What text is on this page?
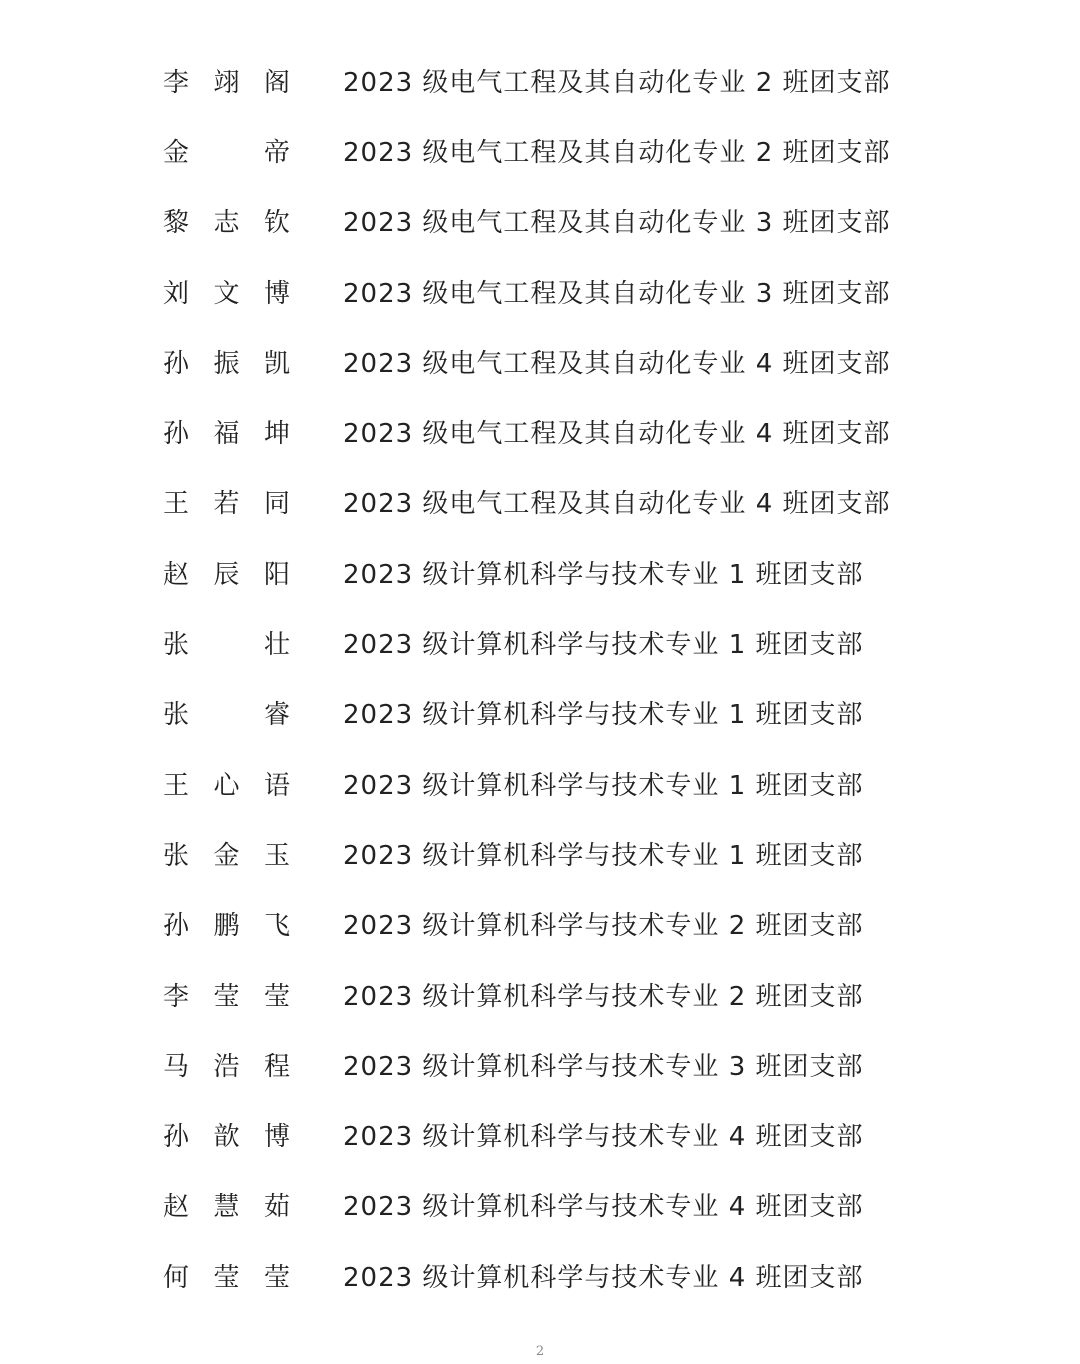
李翊阁	2023 级电气工程及其自动化专业 2 班团支部
金　帝	2023 级电气工程及其自动化专业 2 班团支部
黎志钦	2023 级电气工程及其自动化专业 3 班团支部
刘文博	2023 级电气工程及其自动化专业 3 班团支部
孙振凯	2023 级电气工程及其自动化专业 4 班团支部
孙福坤	2023 级电气工程及其自动化专业 4 班团支部
王若同	2023 级电气工程及其自动化专业 4 班团支部
赵辰阳	2023 级计算机科学与技术专业 1 班团支部
张　壮	2023 级计算机科学与技术专业 1 班团支部
张　睿	2023 级计算机科学与技术专业 1 班团支部
王心语	2023 级计算机科学与技术专业 1 班团支部
张金玉	2023 级计算机科学与技术专业 1 班团支部
孙鹏飞	2023 级计算机科学与技术专业 2 班团支部
李莹莹	2023 级计算机科学与技术专业 2 班团支部
马浩程	2023 级计算机科学与技术专业 3 班团支部
孙歆博	2023 级计算机科学与技术专业 4 班团支部
赵慧茹	2023 级计算机科学与技术专业 4 班团支部
何莹莹	2023 级计算机科学与技术专业 4 班团支部
2
